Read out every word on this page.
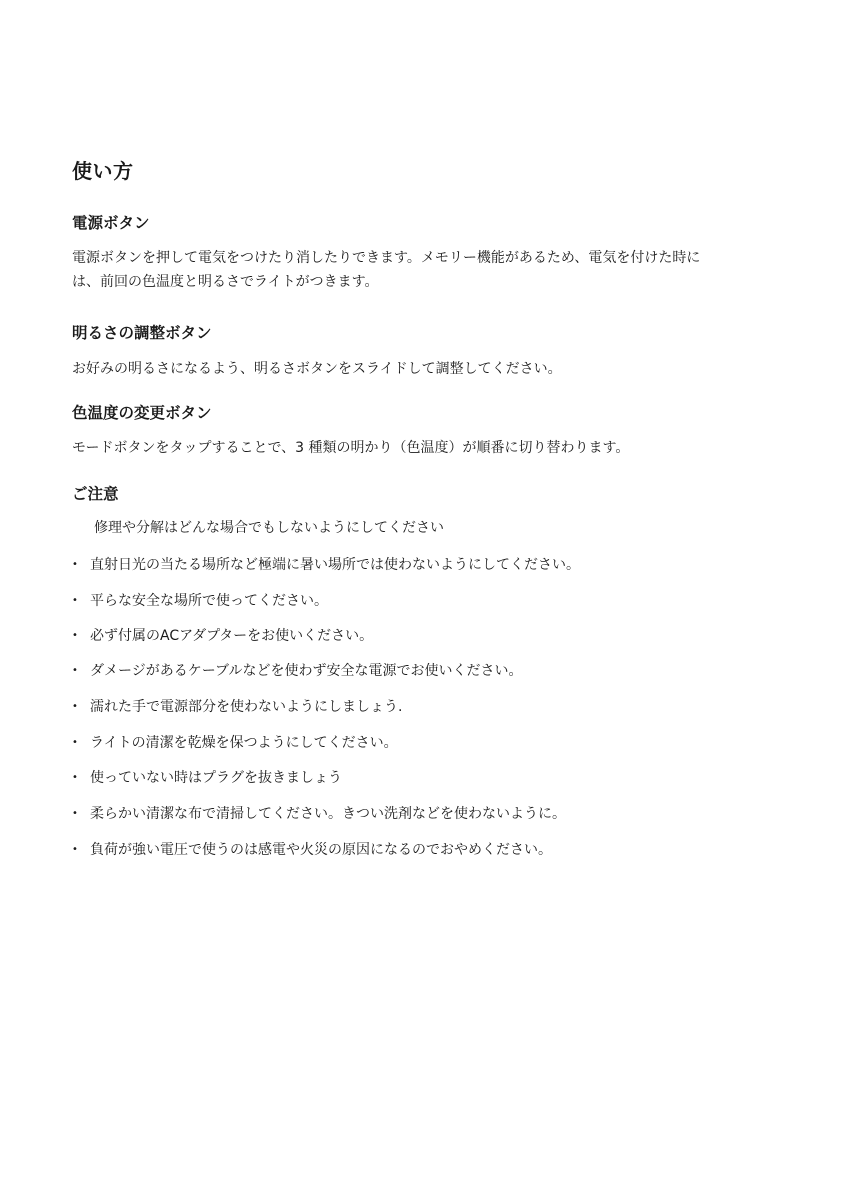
使い方
電源ボタン

電源ボタンを押して電気をつけたり消したりできます。メモリー機能があるため、電気を付けた時に
は、前回の色温度と明るさでライトがつきます。

明るさの調整ボタン

お好みの明るさになるよう、明るさボタンをスライドして調整してください。

色温度の変更ボタン

モードボタンをタップすることで、3 種類の明かり（色温度）が順番に切り替わります。

ご注意

修理や分解はどんな場合でもしないようにしてください

• 直射日光の当たる場所など極端に暑い場所では使わないようにしてください。
• 平らな安全な場所で使ってください。
• 必ず付属のACアダプターをお使いください。
• ダメージがあるケーブルなどを使わず安全な電源でお使いください。
• 濡れた手で電源部分を使わないようにしましょう.
• ライトの清潔を乾燥を保つようにしてください。
• 使っていない時はプラグを抜きましょう
• 柔らかい清潔な布で清掃してください。きつい洗剤などを使わないように。
• 負荷が強い電圧で使うのは感電や火災の原因になるのでおやめください。
